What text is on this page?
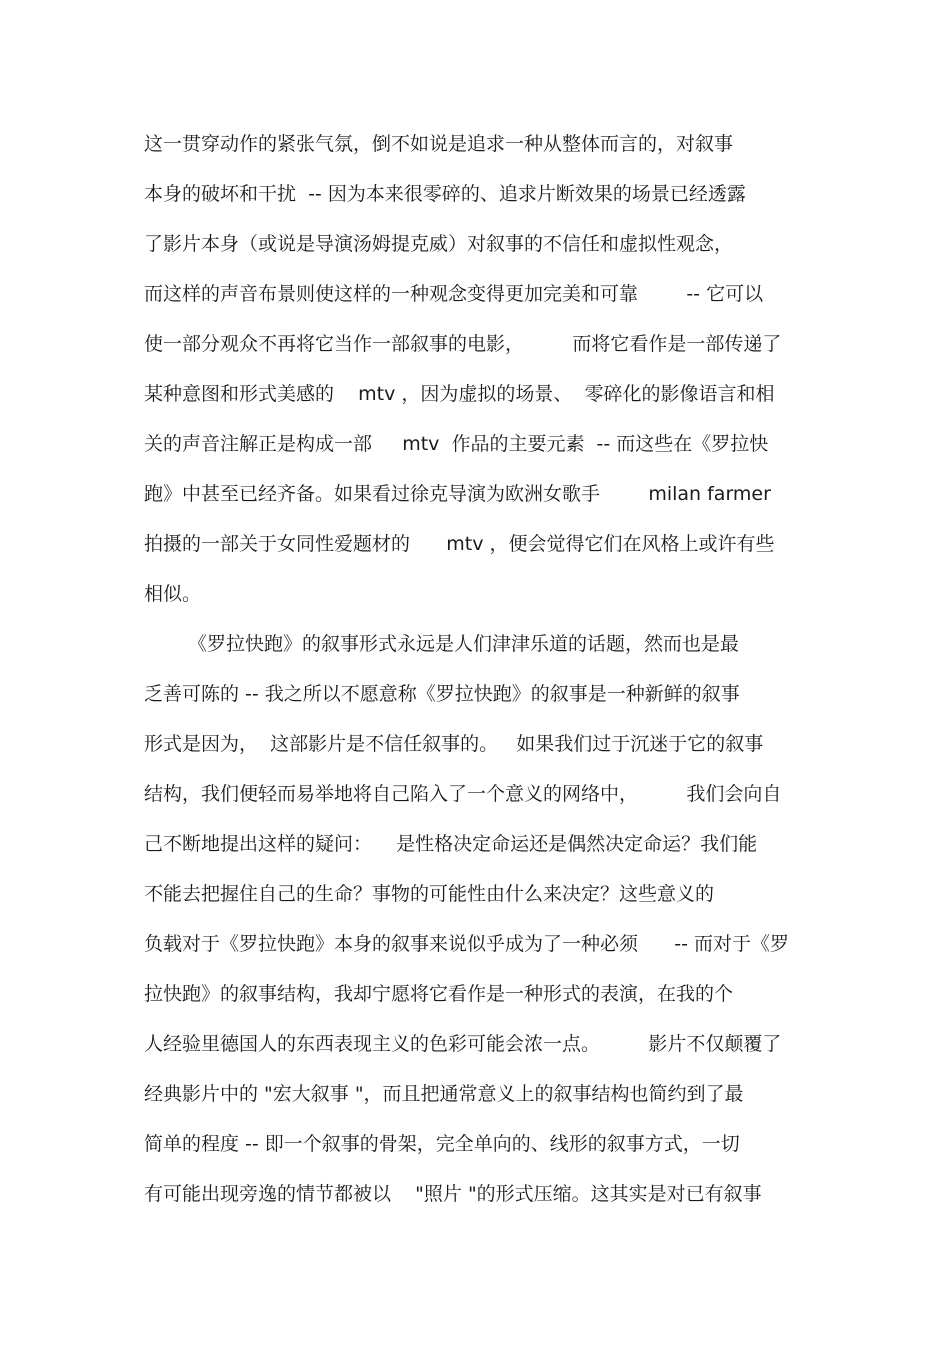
这一贯穿动作的紧张气氛，倒不如说是追求一种从整体而言的，对叙事
本身的破坏和干扰  -- 因为本来很零碎的、追求片断效果的场景已经透露
了影片本身（或说是导演汤姆提克威）对叙事的不信任和虚拟性观念，
而这样的声音布景则使这样的一种观念变得更加完美和可靠        -- 它可以
使一部分观众不再将它当作一部叙事的电影，        而将它看作是一部传递了
某种意图和形式美感的    mtv ，因为虚拟的场景、  零碎化的影像语言和相
关的声音注解正是构成一部     mtv  作品的主要元素  -- 而这些在《罗拉快
跑》中甚至已经齐备。如果看过徐克导演为欧洲女歌手        milan farmer
拍摄的一部关于女同性爱题材的      mtv ，便会觉得它们在风格上或许有些
相似。
《罗拉快跑》的叙事形式永远是人们津津乐道的话题，然而也是最
乏善可陈的 -- 我之所以不愿意称《罗拉快跑》的叙事是一种新鲜的叙事
形式是因为，  这部影片是不信任叙事的。   如果我们过于沉迷于它的叙事
结构，我们便轻而易举地将自己陷入了一个意义的网络中，        我们会向自
己不断地提出这样的疑问：    是性格决定命运还是偶然决定命运？我们能
不能去把握住自己的生命？事物的可能性由什么来决定？这些意义的
负载对于《罗拉快跑》本身的叙事来说似乎成为了一种必须      -- 而对于《罗
拉快跑》的叙事结构，我却宁愿将它看作是一种形式的表演，在我的个
人经验里德国人的东西表现主义的色彩可能会浓一点。        影片不仅颠覆了
经典影片中的 "宏大叙事 "，而且把通常意义上的叙事结构也简约到了最
简单的程度 -- 即一个叙事的骨架，完全单向的、线形的叙事方式，一切
有可能出现旁逸的情节都被以    "照片 "的形式压缩。这其实是对已有叙事
